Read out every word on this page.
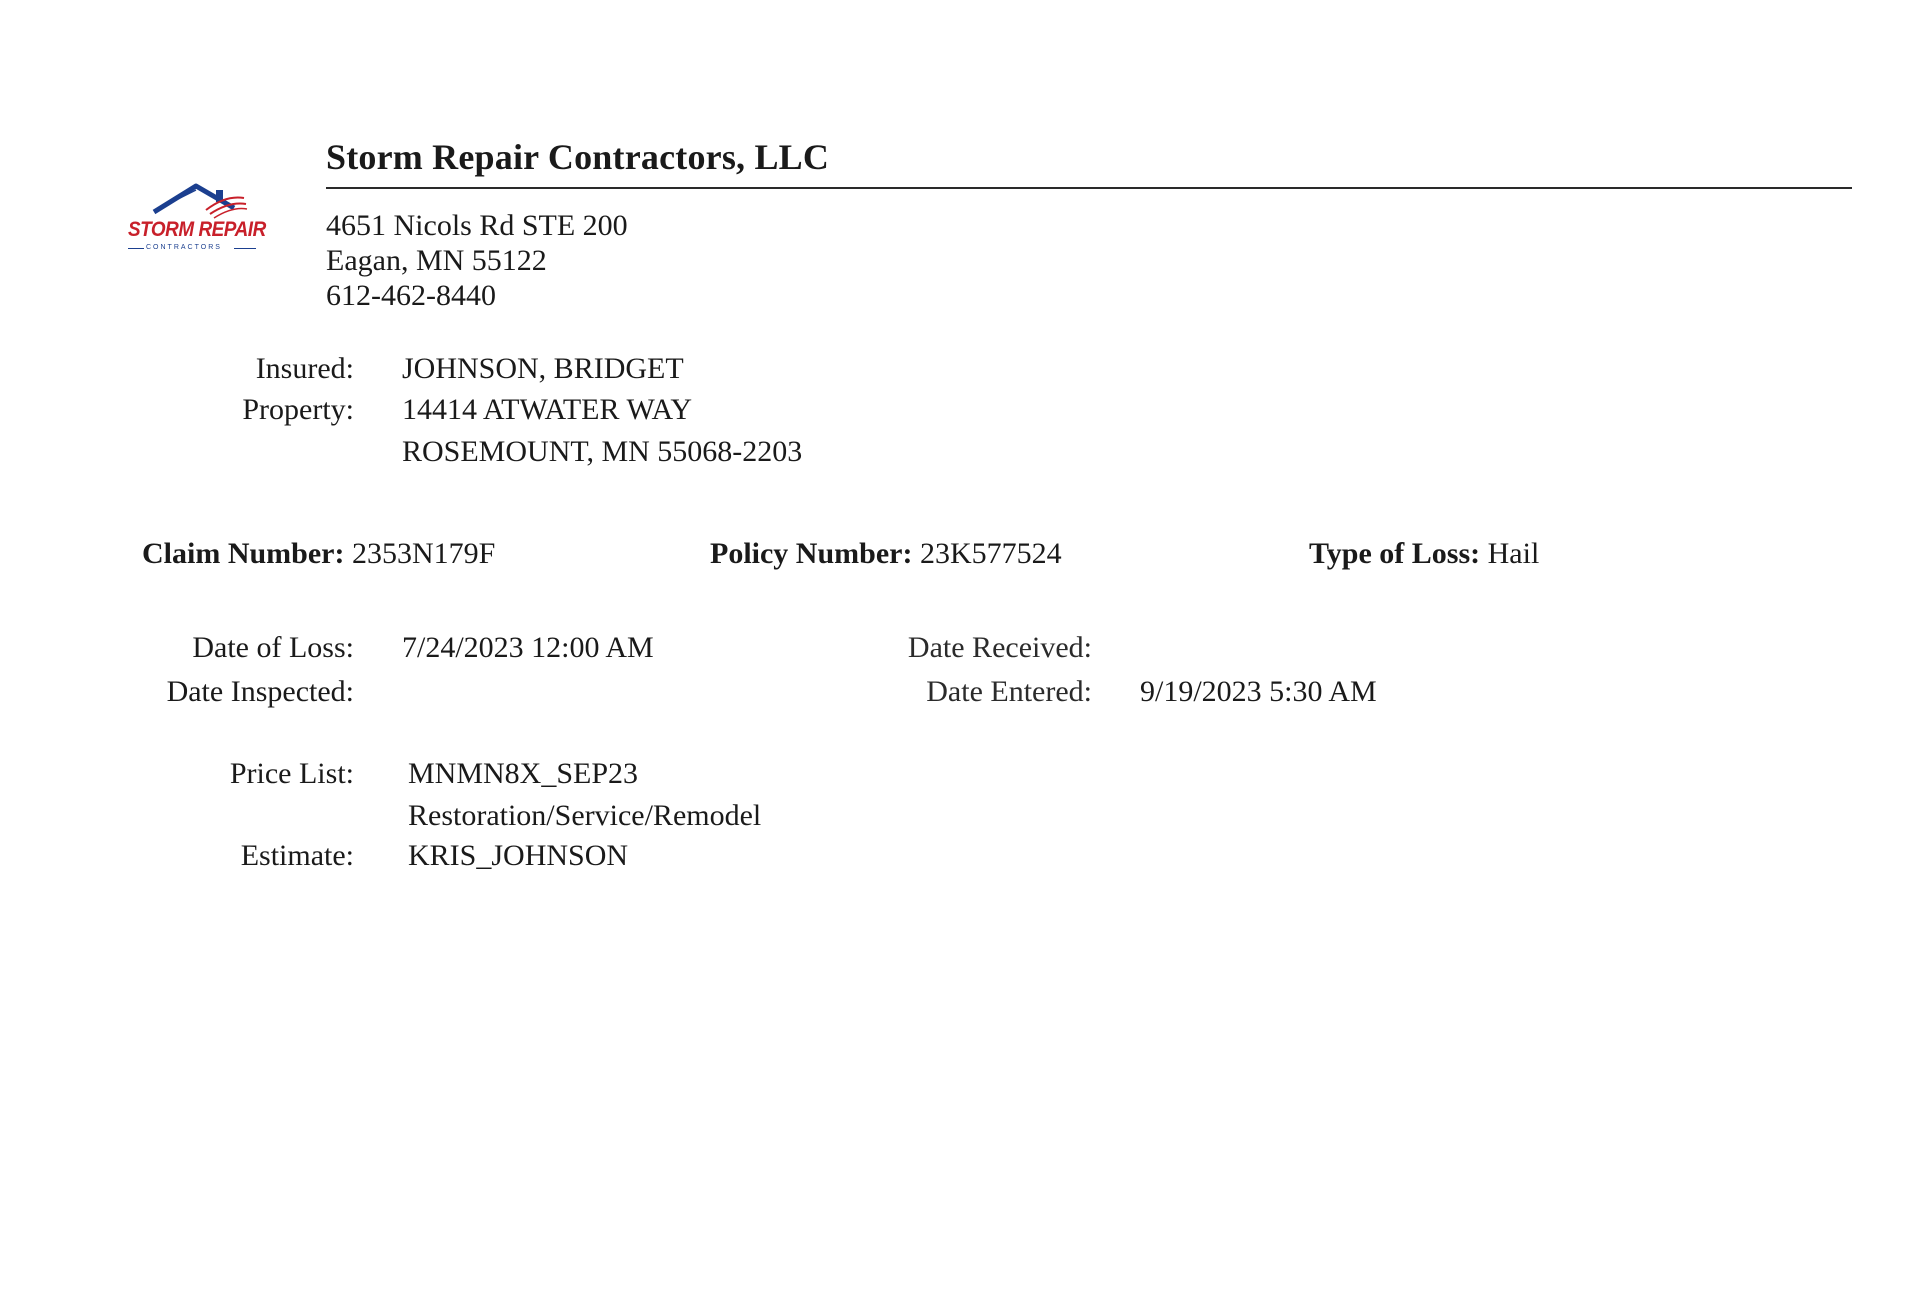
STORM REPAIR
CONTRACTORS
Storm Repair Contractors, LLC
4651 Nicols Rd STE 200
Eagan, MN 55122
612-462-8440
Insured: JOHNSON, BRIDGET
Property: 14414 ATWATER WAY
ROSEMOUNT, MN 55068-2203
Claim Number: 2353N179F	Policy Number: 23K577524	Type of Loss: Hail
Date of Loss: 7/24/2023 12:00 AM
Date Inspected:
Date Received:
Date Entered: 9/19/2023 5:30 AM
Price List: MNMN8X_SEP23
Restoration/Service/Remodel
Estimate: KRIS_JOHNSON
